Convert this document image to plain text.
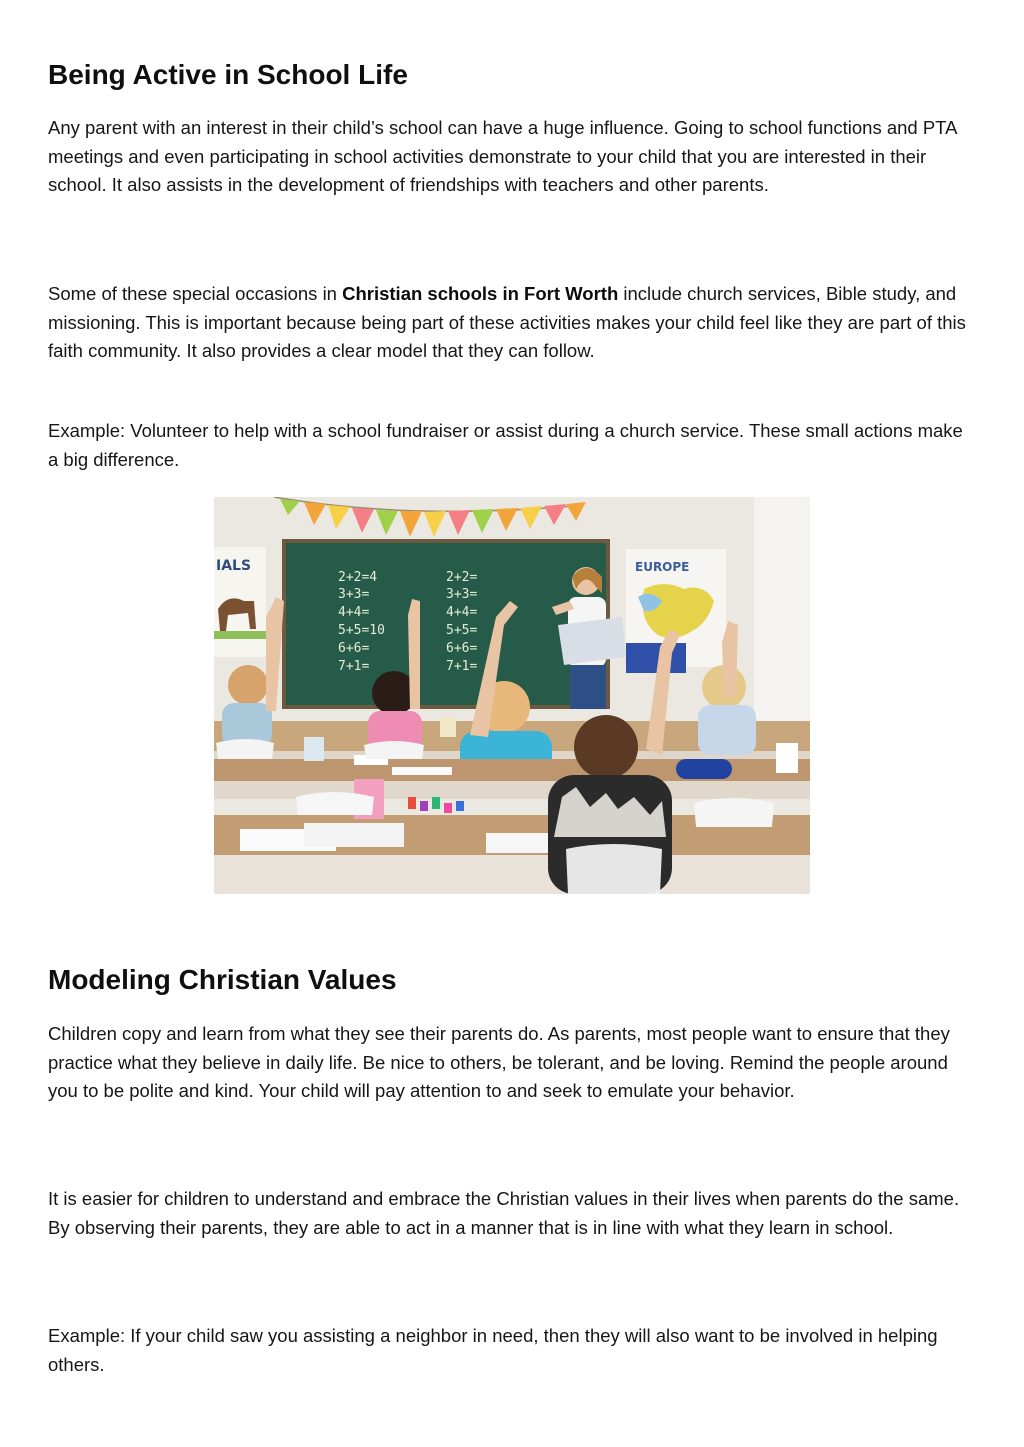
Being Active in School Life

Any parent with an interest in their child’s school can have a huge influence. Going to school functions and PTA meetings and even participating in school activities demonstrate to your child that you are interested in their school. It also assists in the development of friendships with teachers and other parents.

Some of these special occasions in Christian schools in Fort Worth include church services, Bible study, and missioning. This is important because being part of these activities makes your child feel like they are part of this faith community. It also provides a clear model that they can follow.

Example: Volunteer to help with a school fundraiser or assist during a church service. These small actions make a big difference.

Modeling Christian Values

Children copy and learn from what they see their parents do. As parents, most people want to ensure that they practice what they believe in daily life. Be nice to others, be tolerant, and be loving. Remind the people around you to be polite and kind. Your child will pay attention to and seek to emulate your behavior.

It is easier for children to understand and embrace the Christian values in their lives when parents do the same. By observing their parents, they are able to act in a manner that is in line with what they learn in school.

Example: If your child saw you assisting a neighbor in need, then they will also want to be involved in helping others.

IALS
2+2=4
3+3=
4+4=
5+5=10
6+6=
7+1=
2+2=
3+3=
4+4=
5+5=
6+6=
7+1=
EUROPE
